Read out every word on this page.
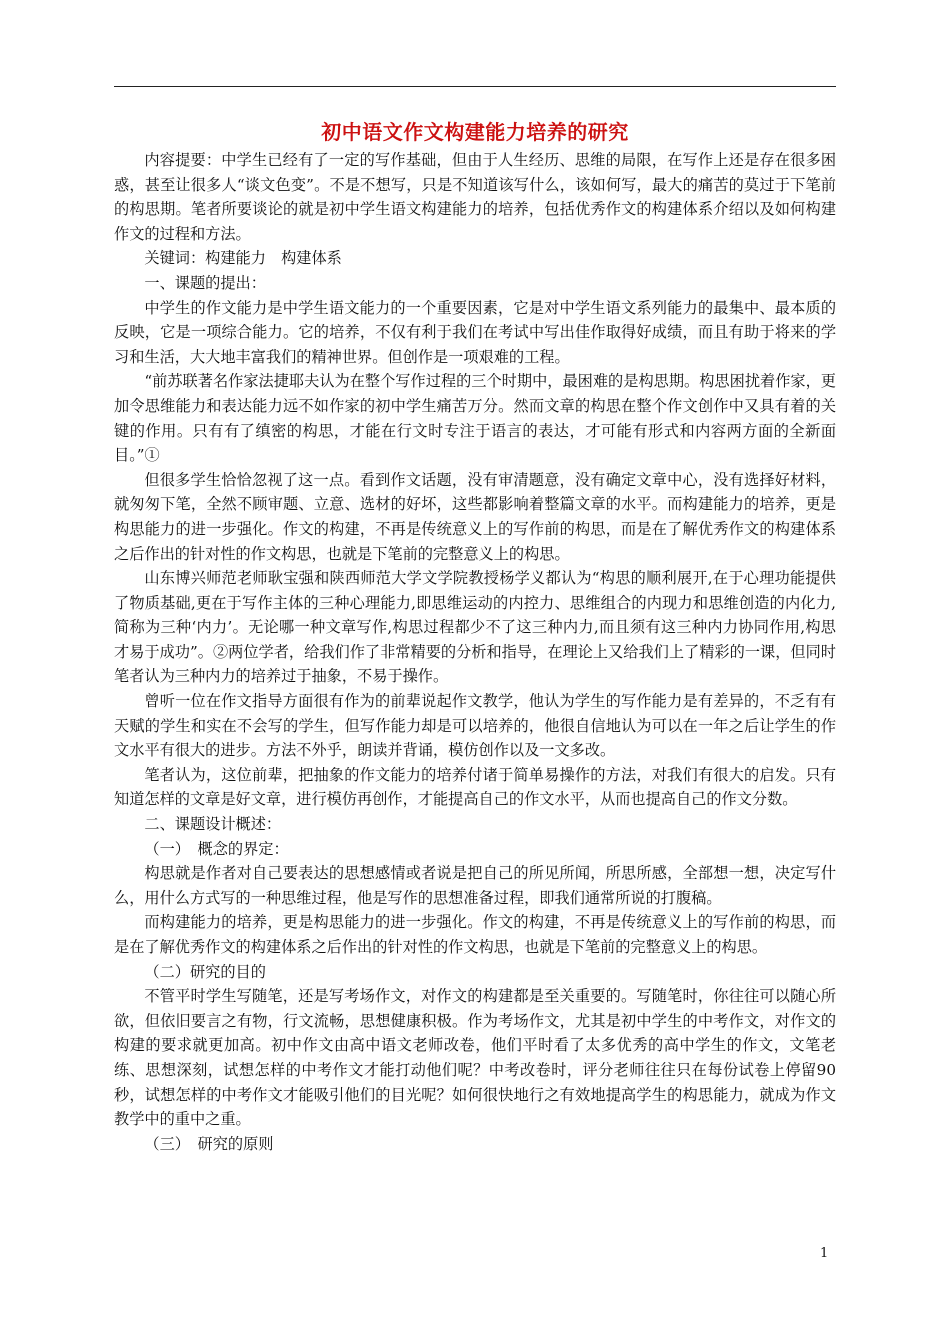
初中语文作文构建能力培养的研究

内容提要：中学生已经有了一定的写作基础，但由于人生经历、思维的局限，在写作上还是存在很多困惑，甚至让很多人“谈文色变”。不是不想写，只是不知道该写什么，该如何写，最大的痛苦的莫过于下笔前的构思期。笔者所要谈论的就是初中学生语文构建能力的培养，包括优秀作文的构建体系介绍以及如何构建作文的过程和方法。

关键词：构建能力　构建体系

一、课题的提出：

中学生的作文能力是中学生语文能力的一个重要因素，它是对中学生语文系列能力的最集中、最本质的反映，它是一项综合能力。它的培养，不仅有利于我们在考试中写出佳作取得好成绩，而且有助于将来的学习和生活，大大地丰富我们的精神世界。但创作是一项艰难的工程。

“前苏联著名作家法捷耶夫认为在整个写作过程的三个时期中，最困难的是构思期。构思困扰着作家，更加令思维能力和表达能力远不如作家的初中学生痛苦万分。然而文章的构思在整个作文创作中又具有着的关键的作用。只有有了缜密的构思，才能在行文时专注于语言的表达，才可能有形式和内容两方面的全新面目。”①

但很多学生恰恰忽视了这一点。看到作文话题，没有审清题意，没有确定文章中心，没有选择好材料，就匆匆下笔，全然不顾审题、立意、选材的好坏，这些都影响着整篇文章的水平。而构建能力的培养，更是构思能力的进一步强化。作文的构建，不再是传统意义上的写作前的构思，而是在了解优秀作文的构建体系之后作出的针对性的作文构思，也就是下笔前的完整意义上的构思。

山东博兴师范老师耿宝强和陕西师范大学文学院教授杨学义都认为“构思的顺利展开,在于心理功能提供了物质基础,更在于写作主体的三种心理能力,即思维运动的内控力、思维组合的内现力和思维创造的内化力,简称为三种‘内力’。无论哪一种文章写作,构思过程都少不了这三种内力,而且须有这三种内力协同作用,构思才易于成功”。②两位学者，给我们作了非常精要的分析和指导，在理论上又给我们上了精彩的一课，但同时笔者认为三种内力的培养过于抽象，不易于操作。

曾听一位在作文指导方面很有作为的前辈说起作文教学，他认为学生的写作能力是有差异的，不乏有有天赋的学生和实在不会写的学生，但写作能力却是可以培养的，他很自信地认为可以在一年之后让学生的作文水平有很大的进步。方法不外乎，朗读并背诵，模仿创作以及一文多改。

笔者认为，这位前辈，把抽象的作文能力的培养付诸于简单易操作的方法，对我们有很大的启发。只有知道怎样的文章是好文章，进行模仿再创作，才能提高自己的作文水平，从而也提高自己的作文分数。

二、课题设计概述：

（一）　概念的界定：

构思就是作者对自己要表达的思想感情或者说是把自己的所见所闻，所思所感，全部想一想，决定写什么，用什么方式写的一种思维过程，他是写作的思想准备过程，即我们通常所说的打腹稿。

而构建能力的培养，更是构思能力的进一步强化。作文的构建，不再是传统意义上的写作前的构思，而是在了解优秀作文的构建体系之后作出的针对性的作文构思，也就是下笔前的完整意义上的构思。

（二）研究的目的

不管平时学生写随笔，还是写考场作文，对作文的构建都是至关重要的。写随笔时，你往往可以随心所欲，但依旧要言之有物，行文流畅，思想健康积极。作为考场作文，尤其是初中学生的中考作文，对作文的构建的要求就更加高。初中作文由高中语文老师改卷，他们平时看了太多优秀的高中学生的作文，文笔老练、思想深刻，试想怎样的中考作文才能打动他们呢？中考改卷时，评分老师往往只在每份试卷上停留90秒，试想怎样的中考作文才能吸引他们的目光呢？如何很快地行之有效地提高学生的构思能力，就成为作文教学中的重中之重。

（三）　研究的原则

1
